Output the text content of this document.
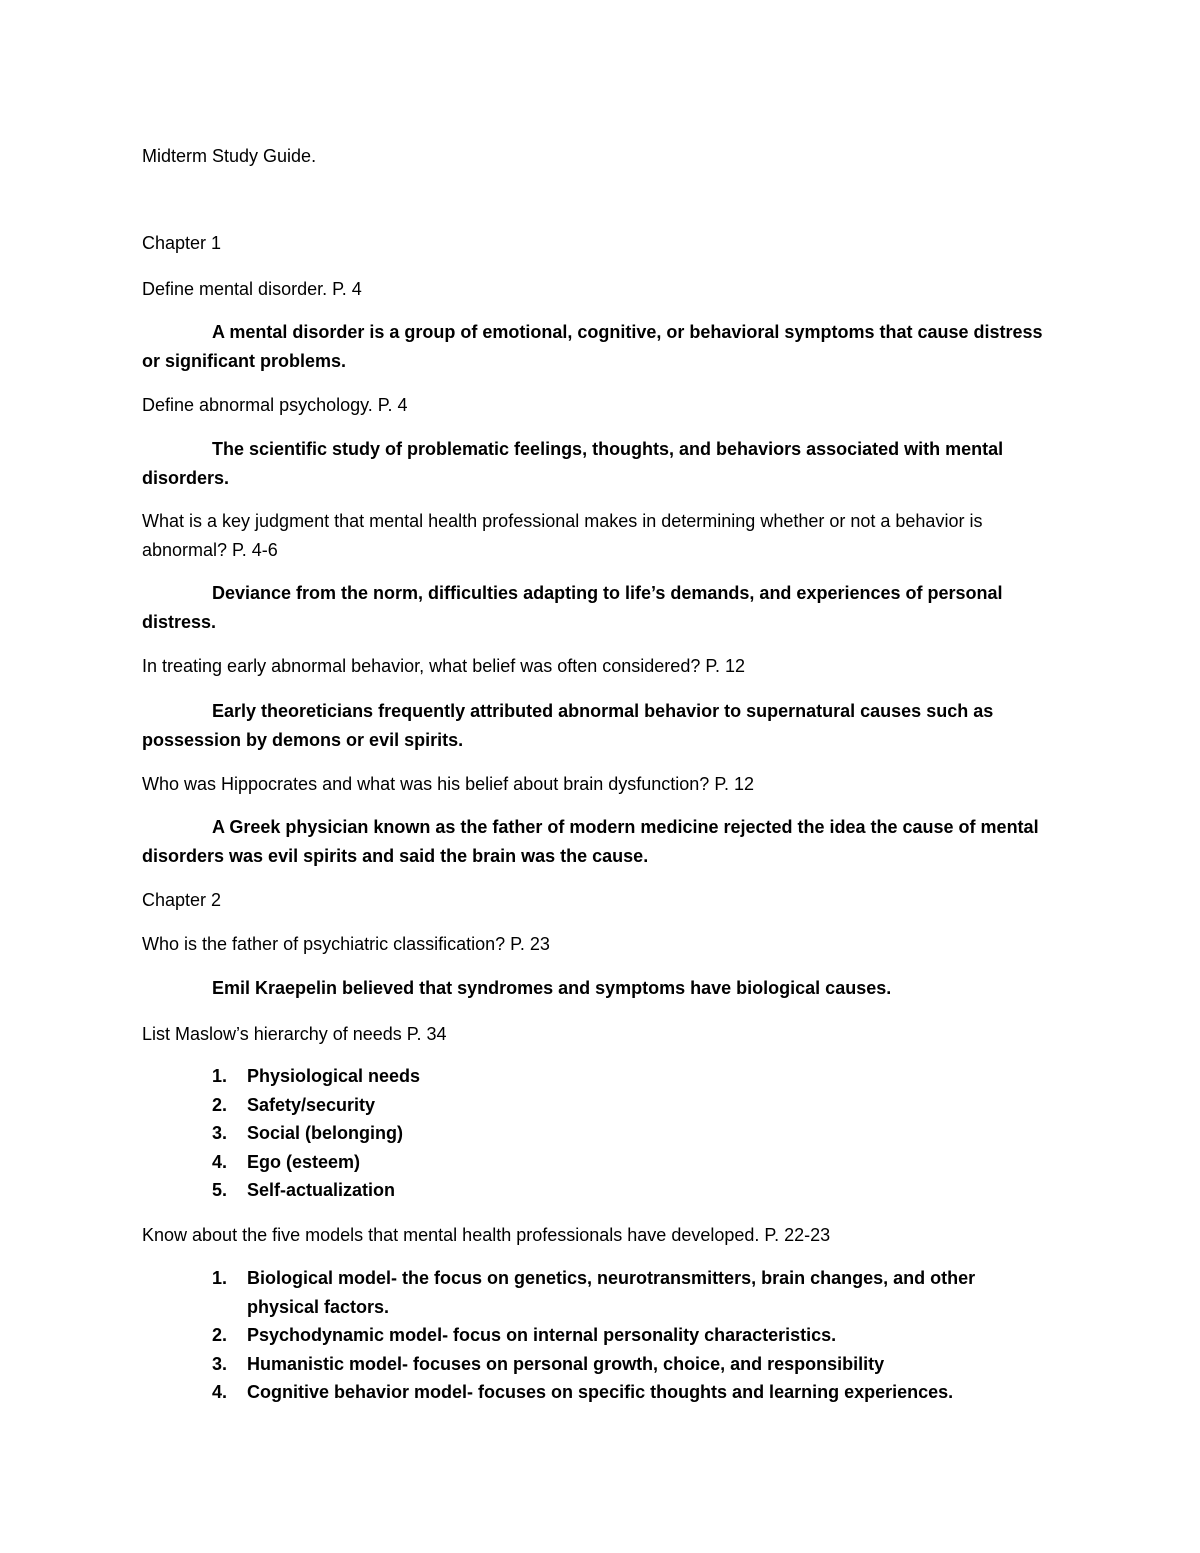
Midterm Study Guide.

Chapter 1

Define mental disorder. P. 4

A mental disorder is a group of emotional, cognitive, or behavioral symptoms that cause distress or significant problems.

Define abnormal psychology. P. 4

The scientific study of problematic feelings, thoughts, and behaviors associated with mental disorders.

What is a key judgment that mental health professional makes in determining whether or not a behavior is abnormal? P. 4-6

Deviance from the norm, difficulties adapting to life’s demands, and experiences of personal distress.

In treating early abnormal behavior, what belief was often considered? P. 12

Early theoreticians frequently attributed abnormal behavior to supernatural causes such as possession by demons or evil spirits.

Who was Hippocrates and what was his belief about brain dysfunction? P. 12

A Greek physician known as the father of modern medicine rejected the idea the cause of mental disorders was evil spirits and said the brain was the cause.

Chapter 2

Who is the father of psychiatric classification? P. 23

Emil Kraepelin believed that syndromes and symptoms have biological causes.

List Maslow’s hierarchy of needs P. 34

1. Physiological needs
2. Safety/security
3. Social (belonging)
4. Ego (esteem)
5. Self-actualization

Know about the five models that mental health professionals have developed. P. 22-23

1. Biological model- the focus on genetics, neurotransmitters, brain changes, and other physical factors.
2. Psychodynamic model- focus on internal personality characteristics.
3. Humanistic model- focuses on personal growth, choice, and responsibility
4. Cognitive behavior model- focuses on specific thoughts and learning experiences.
